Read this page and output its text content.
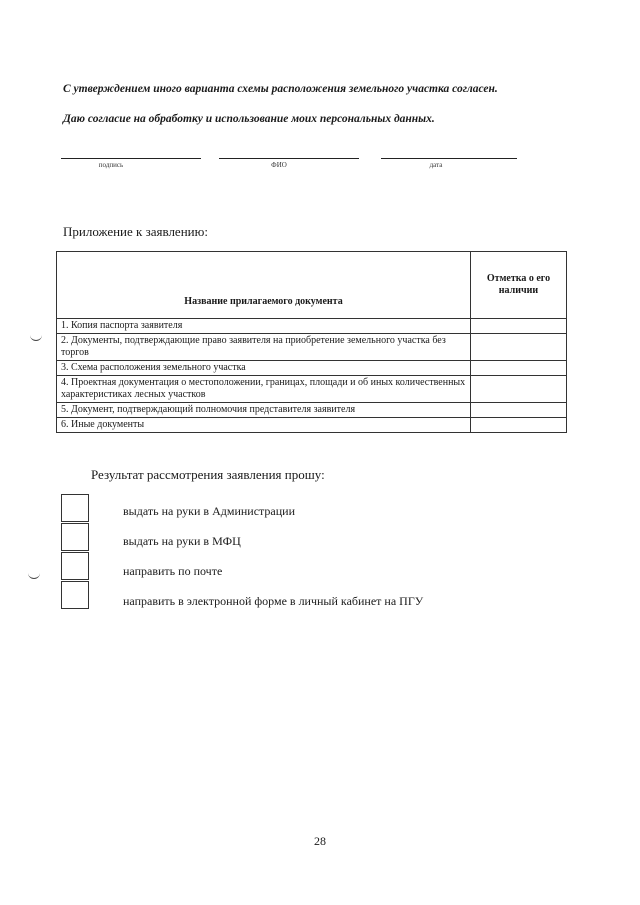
С утверждением иного варианта схемы расположения земельного участка согласен.
Даю согласие на обработку и использование моих персональных данных.
подпись	ФИО	дата
Приложение к заявлению:
Название прилагаемого документа	Отметка о его наличии
1. Копия паспорта заявителя	
2. Документы, подтверждающие право заявителя на приобретение земельного участка без торгов	
3. Схема расположения земельного участка	
4. Проектная документация о местоположении, границах, площади и об иных количественных характеристиках лесных участков	
5. Документ, подтверждающий полномочия представителя заявителя	
6. Иные документы	
Результат рассмотрения заявления прошу:
выдать на руки в Администрации
выдать на руки в МФЦ
направить по почте
направить в электронной форме в личный кабинет на ПГУ
28
